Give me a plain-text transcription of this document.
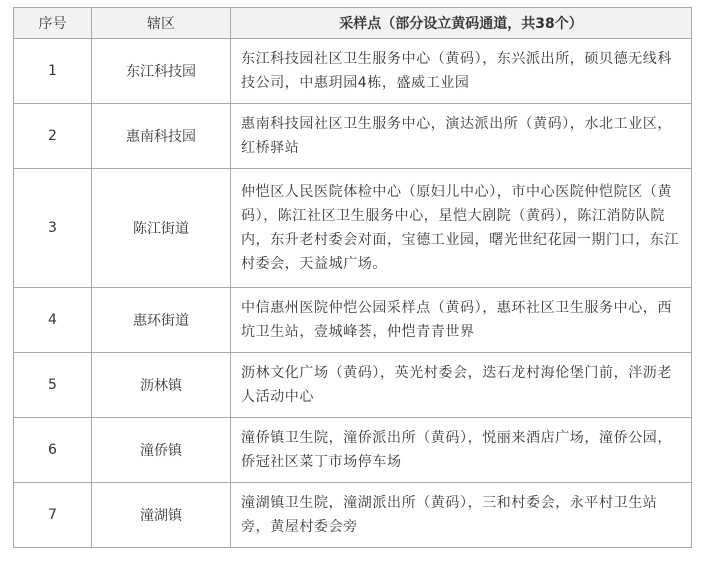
序号	辖区	采样点（部分设立黄码通道，共38个）
1	东江科技园	东江科技园社区卫生服务中心（黄码），东兴派出所，硕贝德无线科技公司，中惠玥园4栋，盛威工业园
2	惠南科技园	惠南科技园社区卫生服务中心，演达派出所（黄码），水北工业区，红桥驿站
3	陈江街道	仲恺区人民医院体检中心（原妇儿中心），市中心医院仲恺院区（黄码），陈江社区卫生服务中心，星恺大剧院（黄码），陈江消防队院内，东升老村委会对面，宝德工业园，曙光世纪花园一期门口，东江村委会，天益城广场。
4	惠环街道	中信惠州医院仲恺公园采样点（黄码），惠环社区卫生服务中心，西坑卫生站，壹城峰荟，仲恺青青世界
5	沥林镇	沥林文化广场（黄码），英光村委会，迭石龙村海伦堡门前，泮沥老人活动中心
6	潼侨镇	潼侨镇卫生院，潼侨派出所（黄码），悦丽来酒店广场，潼侨公园，侨冠社区菜丁市场停车场
7	潼湖镇	潼湖镇卫生院，潼湖派出所（黄码），三和村委会，永平村卫生站旁，黄屋村委会旁
